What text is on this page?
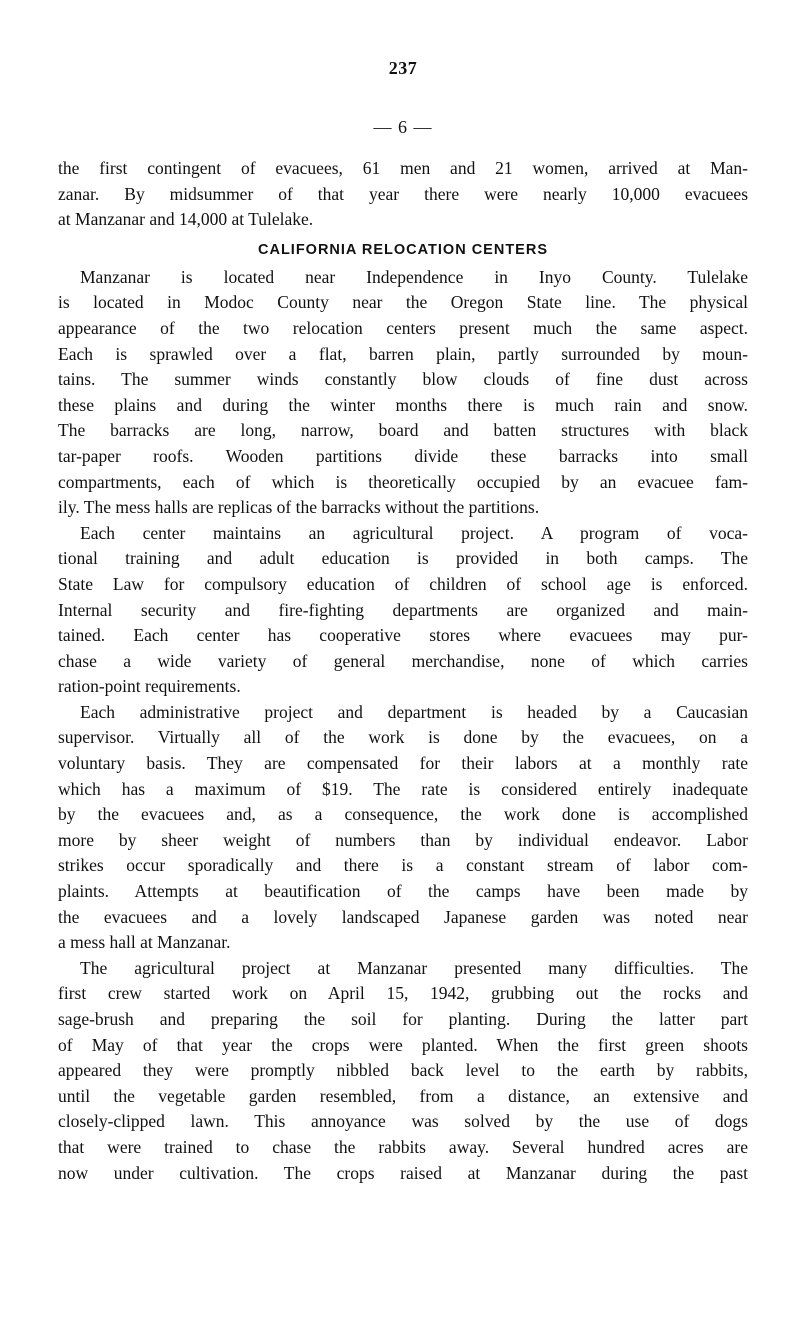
237
— 6 —
the first contingent of evacuees, 61 men and 21 women, arrived at Man-
zanar. By midsummer of that year there were nearly 10,000 evacuees
at Manzanar and 14,000 at Tulelake.
CALIFORNIA RELOCATION CENTERS
Manzanar is located near Independence in Inyo County. Tulelake
is located in Modoc County near the Oregon State line. The physical
appearance of the two relocation centers present much the same aspect.
Each is sprawled over a flat, barren plain, partly surrounded by moun-
tains. The summer winds constantly blow clouds of fine dust across
these plains and during the winter months there is much rain and snow.
The barracks are long, narrow, board and batten structures with black
tar-paper roofs. Wooden partitions divide these barracks into small
compartments, each of which is theoretically occupied by an evacuee fam-
ily. The mess halls are replicas of the barracks without the partitions.
Each center maintains an agricultural project. A program of voca-
tional training and adult education is provided in both camps. The
State Law for compulsory education of children of school age is enforced.
Internal security and fire-fighting departments are organized and main-
tained. Each center has cooperative stores where evacuees may pur-
chase a wide variety of general merchandise, none of which carries
ration-point requirements.
Each administrative project and department is headed by a Caucasian
supervisor. Virtually all of the work is done by the evacuees, on a
voluntary basis. They are compensated for their labors at a monthly rate
which has a maximum of $19. The rate is considered entirely inadequate
by the evacuees and, as a consequence, the work done is accomplished
more by sheer weight of numbers than by individual endeavor. Labor
strikes occur sporadically and there is a constant stream of labor com-
plaints. Attempts at beautification of the camps have been made by
the evacuees and a lovely landscaped Japanese garden was noted near
a mess hall at Manzanar.
The agricultural project at Manzanar presented many difficulties. The
first crew started work on April 15, 1942, grubbing out the rocks and
sage-brush and preparing the soil for planting. During the latter part
of May of that year the crops were planted. When the first green shoots
appeared they were promptly nibbled back level to the earth by rabbits,
until the vegetable garden resembled, from a distance, an extensive and
closely-clipped lawn. This annoyance was solved by the use of dogs
that were trained to chase the rabbits away. Several hundred acres are
now under cultivation. The crops raised at Manzanar during the past
